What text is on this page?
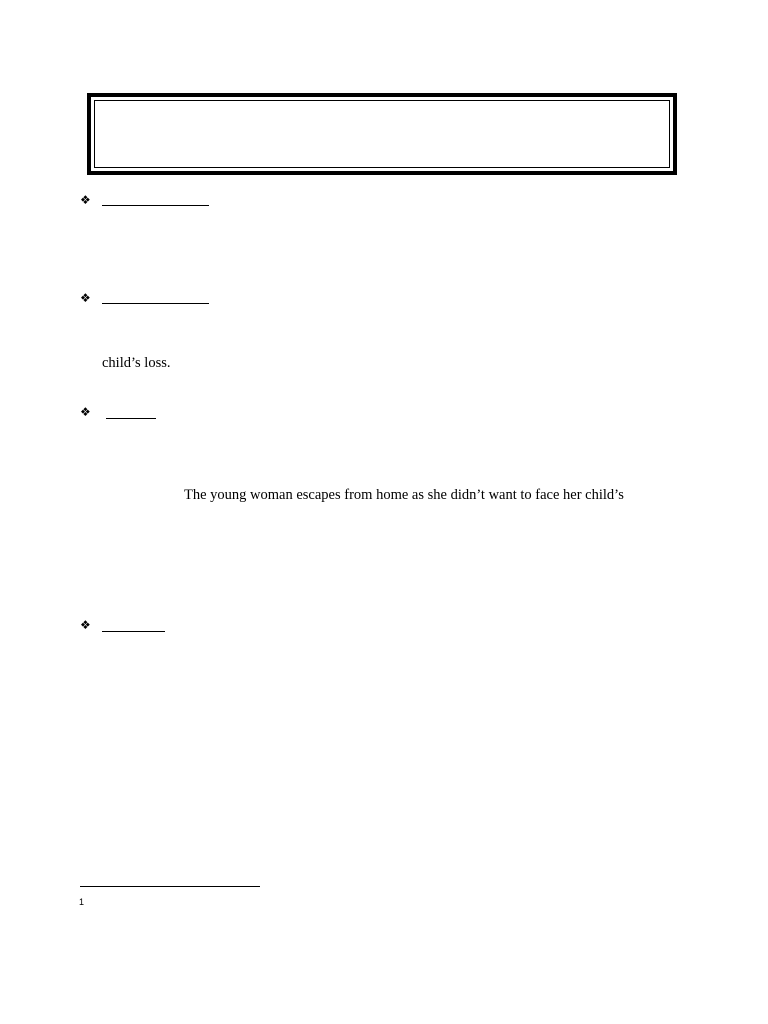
❖
❖
child’s loss.
❖
The young woman escapes from home as she didn’t want to face her child’s
❖
1
